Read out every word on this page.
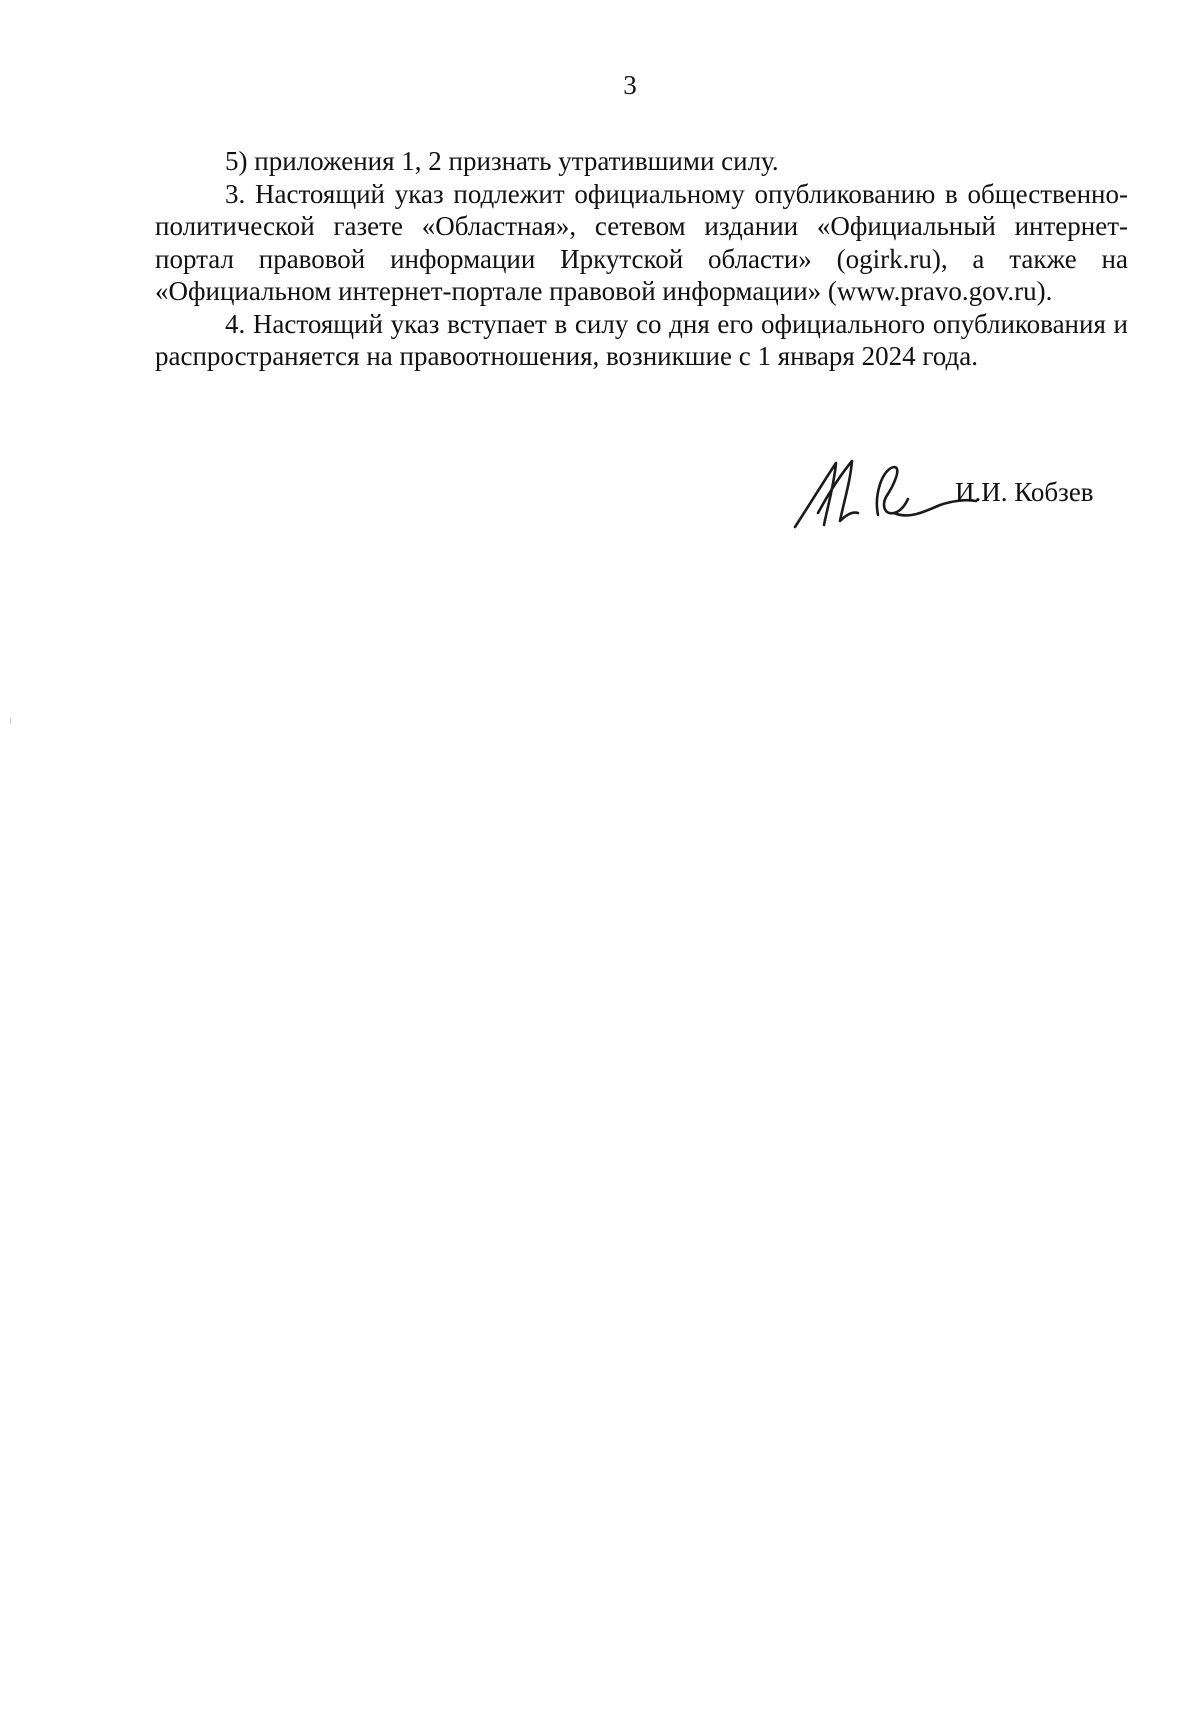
3

5) приложения 1, 2 признать утратившими силу.

3. Настоящий указ подлежит официальному опубликованию в общественно-политической газете «Областная», сетевом издании «Официальный интернет-портал правовой информации Иркутской области» (ogirk.ru), а также на «Официальном интернет-портале правовой информации» (www.pravo.gov.ru).

4. Настоящий указ вступает в силу со дня его официального опубликования и распространяется на правоотношения, возникшие с 1 января 2024 года.

И.И. Кобзев
